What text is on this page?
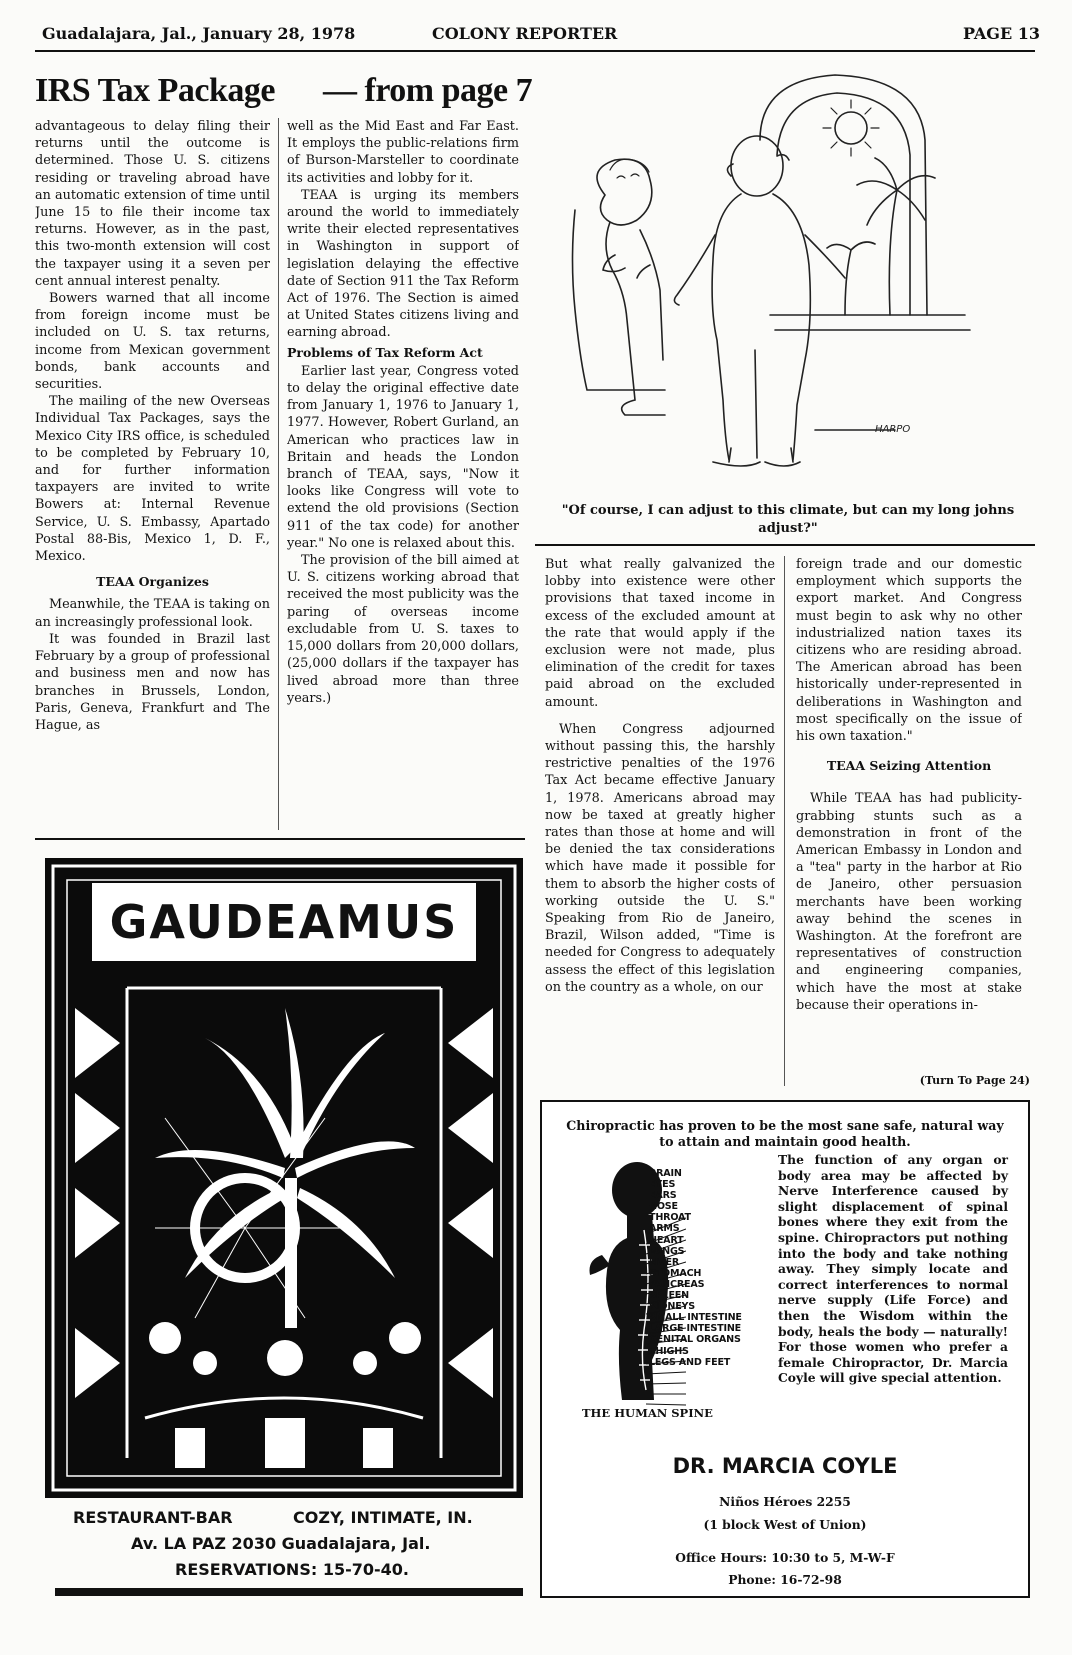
Guadalajara, Jal., January 28, 1978	COLONY REPORTER	PAGE 13
IRS Tax Package — from page 7

advantageous to delay filing their returns until the outcome is determined. Those U. S. citizens residing or traveling abroad have an automatic extension of time until June 15 to file their income tax returns. However, as in the past, this two-month extension will cost the taxpayer using it a seven per cent annual interest penalty.

Bowers warned that all income from foreign income must be included on U. S. tax returns, income from Mexican government bonds, bank accounts and securities.

The mailing of the new Overseas Individual Tax Packages, says the Mexico City IRS office, is scheduled to be completed by February 10, and for further information taxpayers are invited to write Bowers at: Internal Revenue Service, U. S. Embassy, Apartado Postal 88-Bis, Mexico 1, D. F., Mexico.

TEAA Organizes

Meanwhile, the TEAA is taking on an increasingly professional look.

It was founded in Brazil last February by a group of professional and business men and now has branches in Brussels, London, Paris, Geneva, Frankfurt and The Hague, as

well as the Mid East and Far East. It employs the public-relations firm of Burson-Marsteller to coordinate its activities and lobby for it.

TEAA is urging its members around the world to immediately write their elected representatives in Washington in support of legislation delaying the effective date of Section 911 the Tax Reform Act of 1976. The Section is aimed at United States citizens living and earning abroad.

Problems of Tax Reform Act

Earlier last year, Congress voted to delay the original effective date from January 1, 1976 to January 1, 1977. However, Robert Gurland, an American who practices law in Britain and heads the London branch of TEAA, says, "Now it looks like Congress will vote to extend the old provisions (Section 911 of the tax code) for another year." No one is relaxed about this.

The provision of the bill aimed at U. S. citizens working abroad that received the most publicity was the paring of overseas income excludable from U. S. taxes to 15,000 dollars from 20,000 dollars, (25,000 dollars if the taxpayer has lived abroad more than three years.)

HARPO
"Of course, I can adjust to this climate, but can my long johns adjust?"

But what really galvanized the lobby into existence were other provisions that taxed income in excess of the excluded amount at the rate that would apply if the exclusion were not made, plus elimination of the credit for taxes paid abroad on the excluded amount.

When Congress adjourned without passing this, the harshly restrictive penalties of the 1976 Tax Act became effective January 1, 1978. Americans abroad may now be taxed at greatly higher rates than those at home and will be denied the tax considerations which have made it possible for them to absorb the higher costs of working outside the U. S." Speaking from Rio de Janeiro, Brazil, Wilson added, "Time is needed for Congress to adequately assess the effect of this legislation on the country as a whole, on our

foreign trade and our domestic employment which supports the export market. And Congress must begin to ask why no other industrialized nation taxes its citizens who are residing abroad. The American abroad has been historically under-represented in deliberations in Washington and most specifically on the issue of his own taxation."

TEAA Seizing Attention

While TEAA has had publicity-grabbing stunts such as a demonstration in front of the American Embassy in London and a "tea" party in the harbor at Rio de Janeiro, other persuasion merchants have been working away behind the scenes in Washington. At the forefront are representatives of construction and engineering companies, which have the most at stake because their operations in-

(Turn To Page 24)
GAUDEAMUS
RESTAURANT-BAR	COZY, INTIMATE, IN.
Av. LA PAZ 2030 Guadalajara, Jal.
RESERVATIONS: 15-70-40.
Chiropractic has proven to be the most sane safe, natural way to attain and maintain good health.
BRAIN
EYES
EARS
NOSE
THROAT
ARMS
HEART
LUNGS
LIVER
STOMACH
PANCREAS
SPLEEN
KIDNEYS
SMALL INTESTINE
LARGE INTESTINE
GENITAL ORGANS
THIGHS
LEGS AND FEET
THE HUMAN SPINE
The function of any organ or body area may be affected by Nerve Interference caused by slight displacement of spinal bones where they exit from the spine. Chiropractors put nothing into the body and take nothing away. They simply locate and correct interferences to normal nerve supply (Life Force) and then the Wisdom within the body, heals the body — naturally! For those women who prefer a female Chiropractor, Dr. Marcia Coyle will give special attention.
DR. MARCIA COYLE
Niños Héroes 2255
(1 block West of Union)
Office Hours: 10:30 to 5, M-W-F
Phone: 16-72-98
